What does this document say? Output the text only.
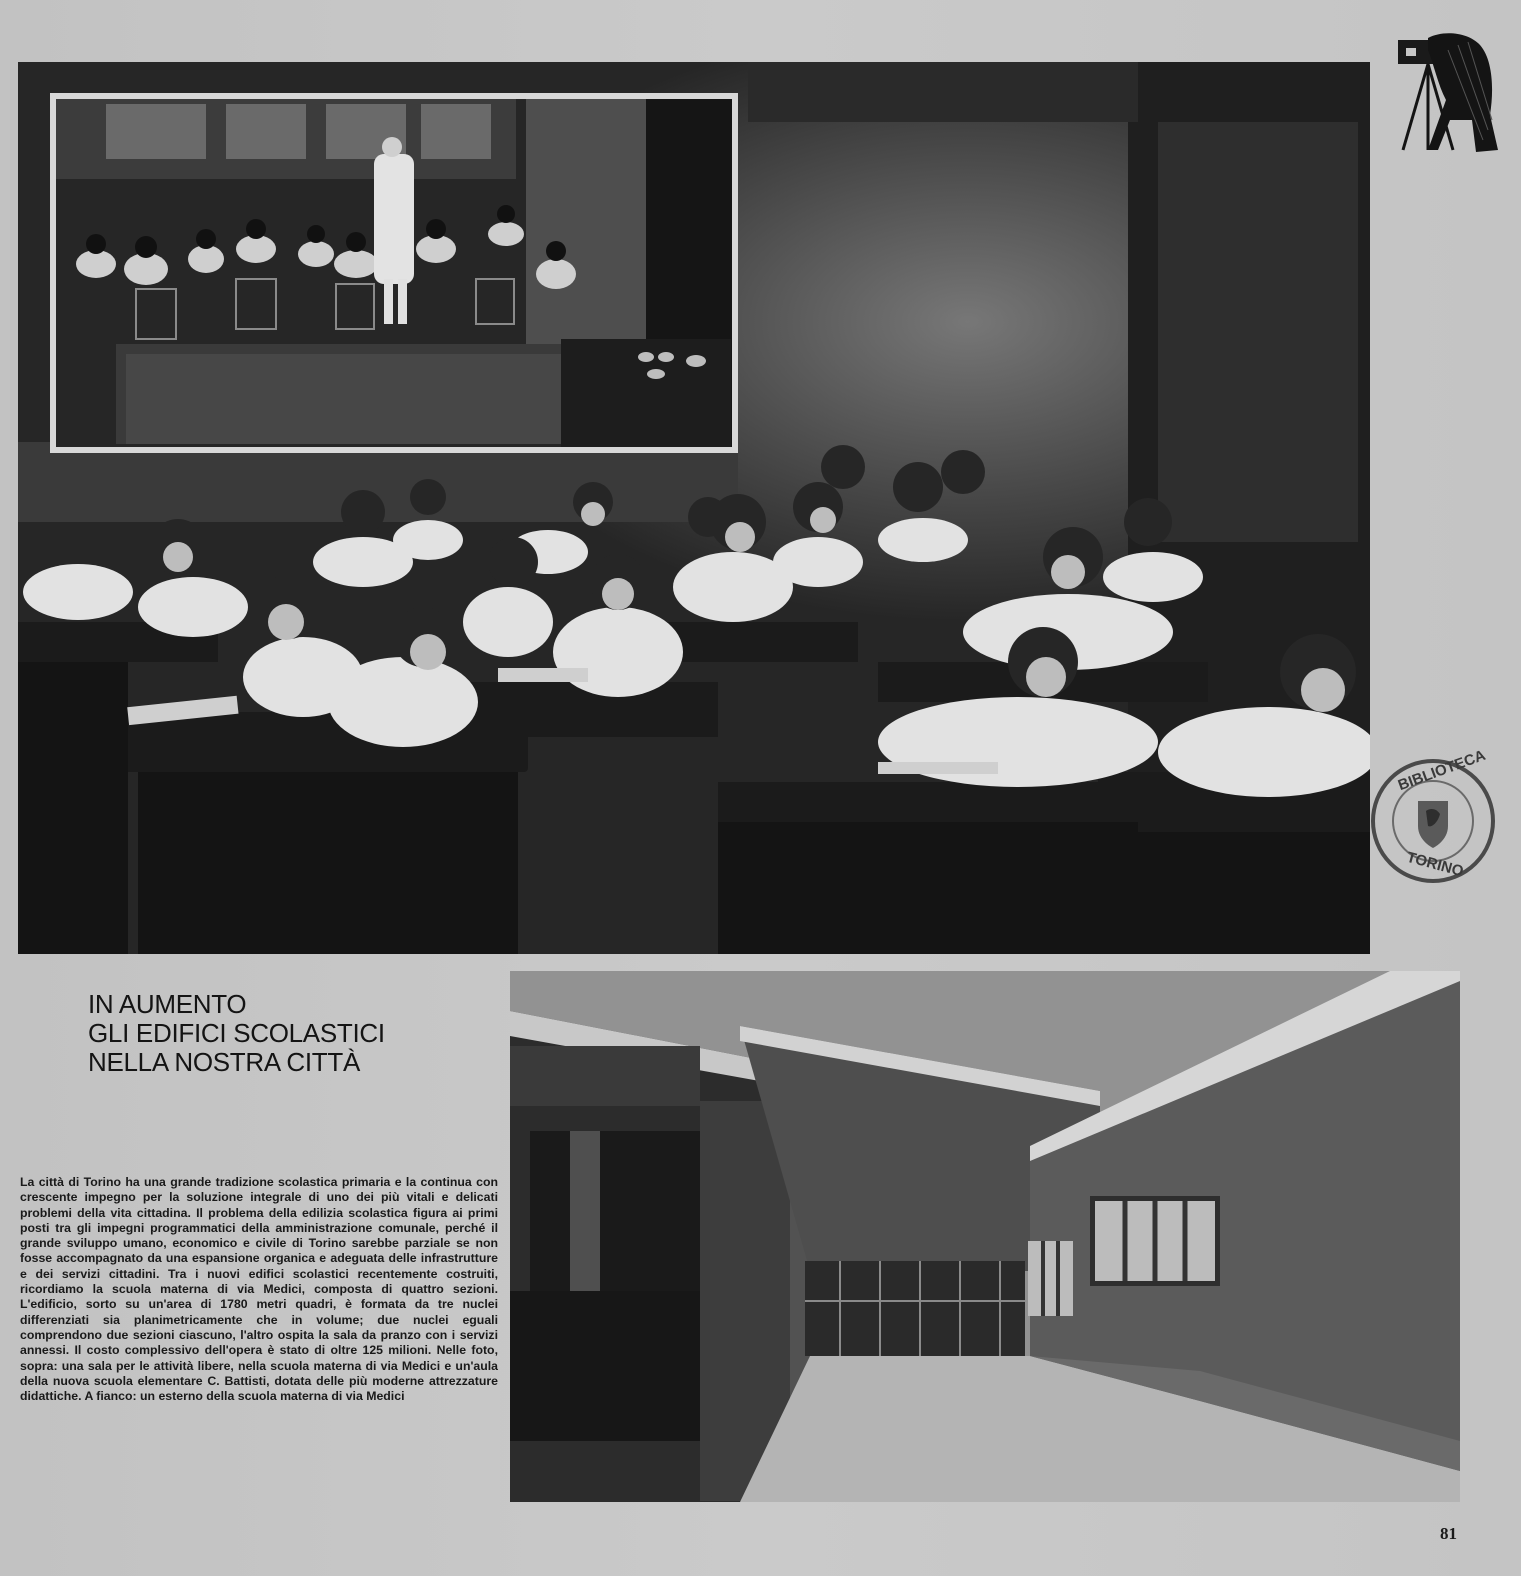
IN AUMENTO
GLI EDIFICI SCOLASTICI
NELLA NOSTRA CITTÀ

La città di Torino ha una grande tradizione scolastica primaria e la continua con crescente impegno per la soluzione integrale di uno dei più vitali e delicati problemi della vita cittadina. Il problema della edilizia scolastica figura ai primi posti tra gli impegni programmatici della amministrazione comunale, perché il grande sviluppo umano, economico e civile di Torino sarebbe parziale se non fosse accompagnato da una espansione organica e adeguata delle infrastrutture e dei servizi cittadini. Tra i nuovi edifici scolastici recentemente costruiti, ricordiamo la scuola materna di via Medici, composta di quattro sezioni. L'edificio, sorto su un'area di 1780 metri quadri, è formata da tre nuclei differenziati sia planimetricamente che in volume; due nuclei eguali comprendono due sezioni ciascuno, l'altro ospita la sala da pranzo con i servizi annessi. Il costo complessivo dell'opera è stato di oltre 125 milioni. Nelle foto, sopra: una sala per le attività libere, nella scuola materna di via Medici e un'aula della nuova scuola elementare C. Battisti, dotata delle più moderne attrezzature didattiche. A fianco: un esterno della scuola materna di via Medici

81
BIBLIOTECA
TORINO
